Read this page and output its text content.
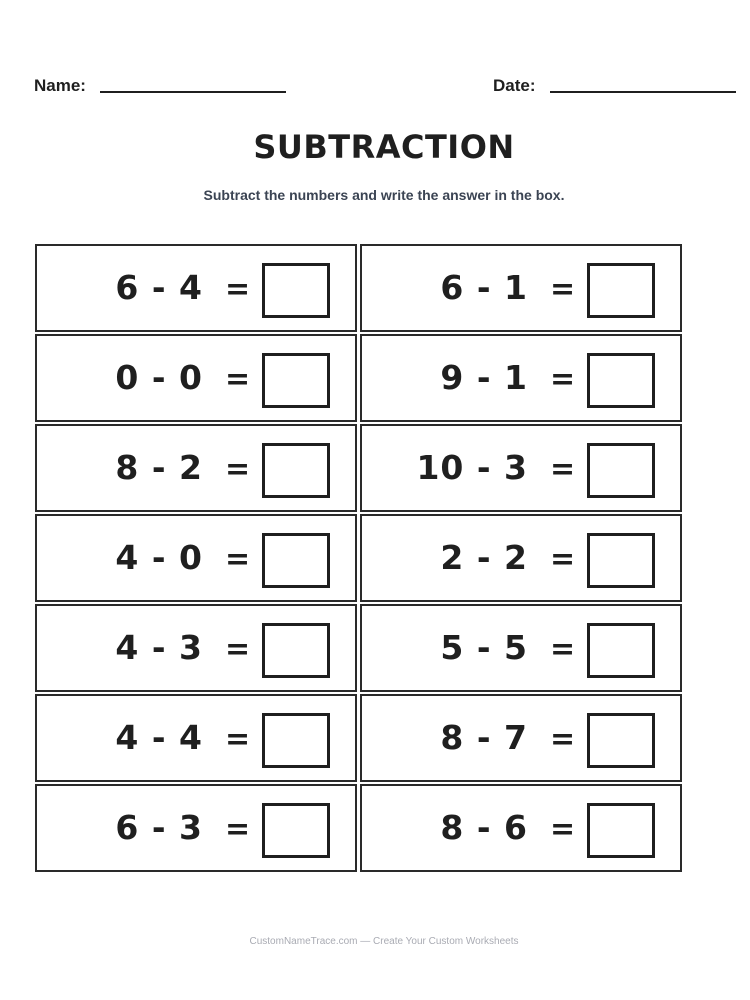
Name:	Date:
SUBTRACTION
Subtract the numbers and write the answer in the box.
6 - 4 =	6 - 1 =
0 - 0 =	9 - 1 =
8 - 2 =	10 - 3 =
4 - 0 =	2 - 2 =
4 - 3 =	5 - 5 =
4 - 4 =	8 - 7 =
6 - 3 =	8 - 6 =
CustomNameTrace.com — Create Your Custom Worksheets
